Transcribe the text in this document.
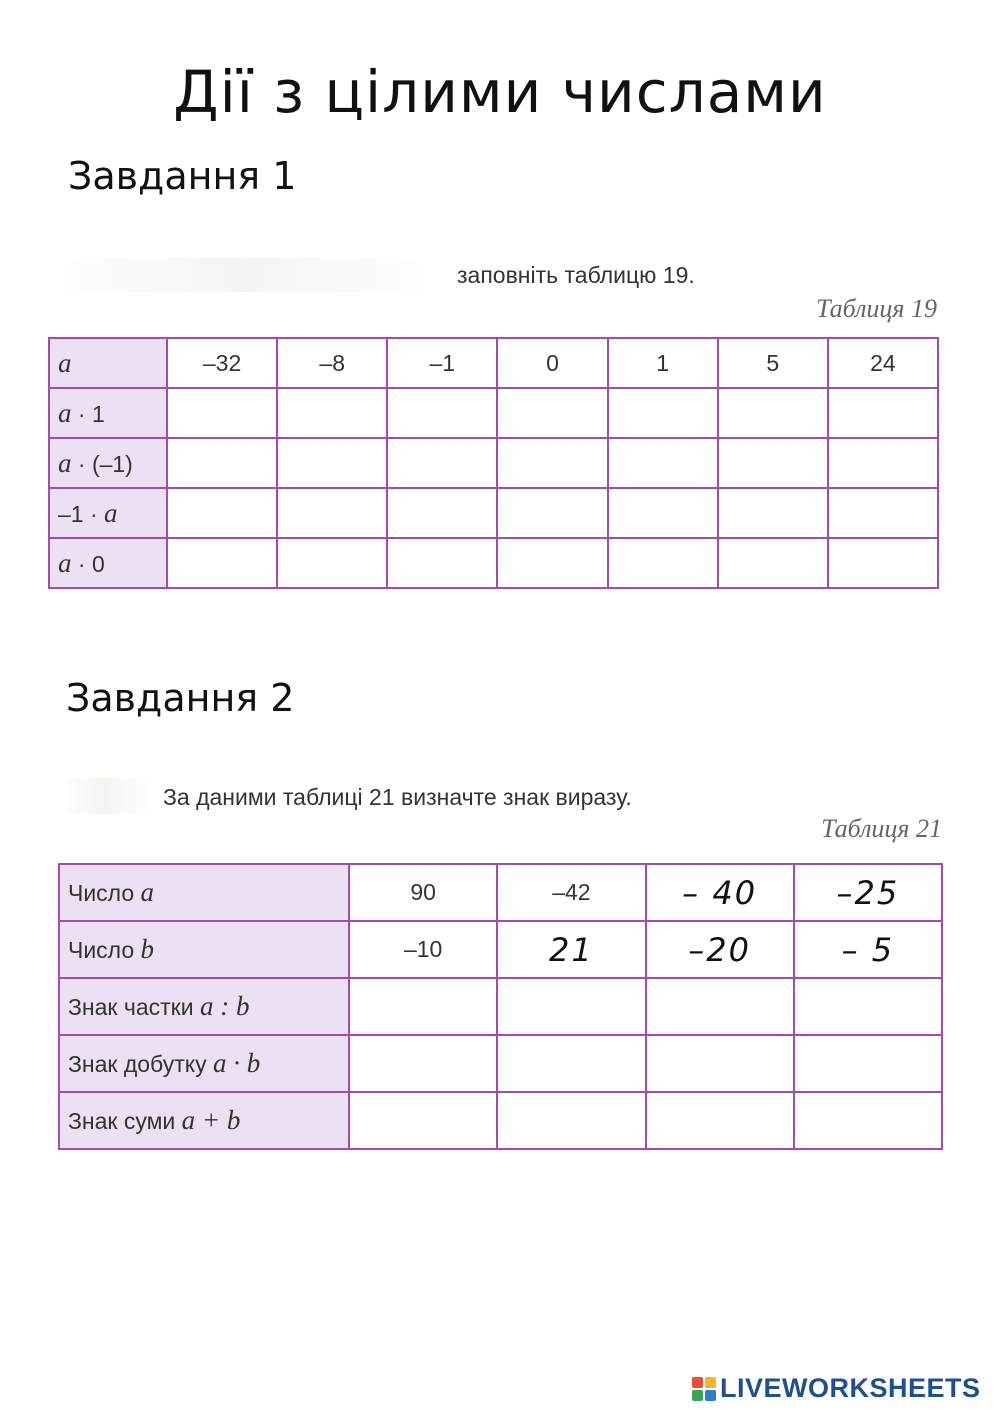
Дії з цілими числами
Завдання 1
заповніть таблицю 19.
Таблиця 19
a	–32	–8	–1	0	1	5	24
a · 1							
a · (–1)							
–1 · a							
a · 0							
Завдання 2
За даними таблиці 21 визначте знак виразу.
Таблиця 21
Число a	90	–42	– 40	–25
Число b	–10	21	–20	– 5
Знак частки a : b				
Знак добутку a · b				
Знак суми a + b				
LIVEWORKSHEETS
